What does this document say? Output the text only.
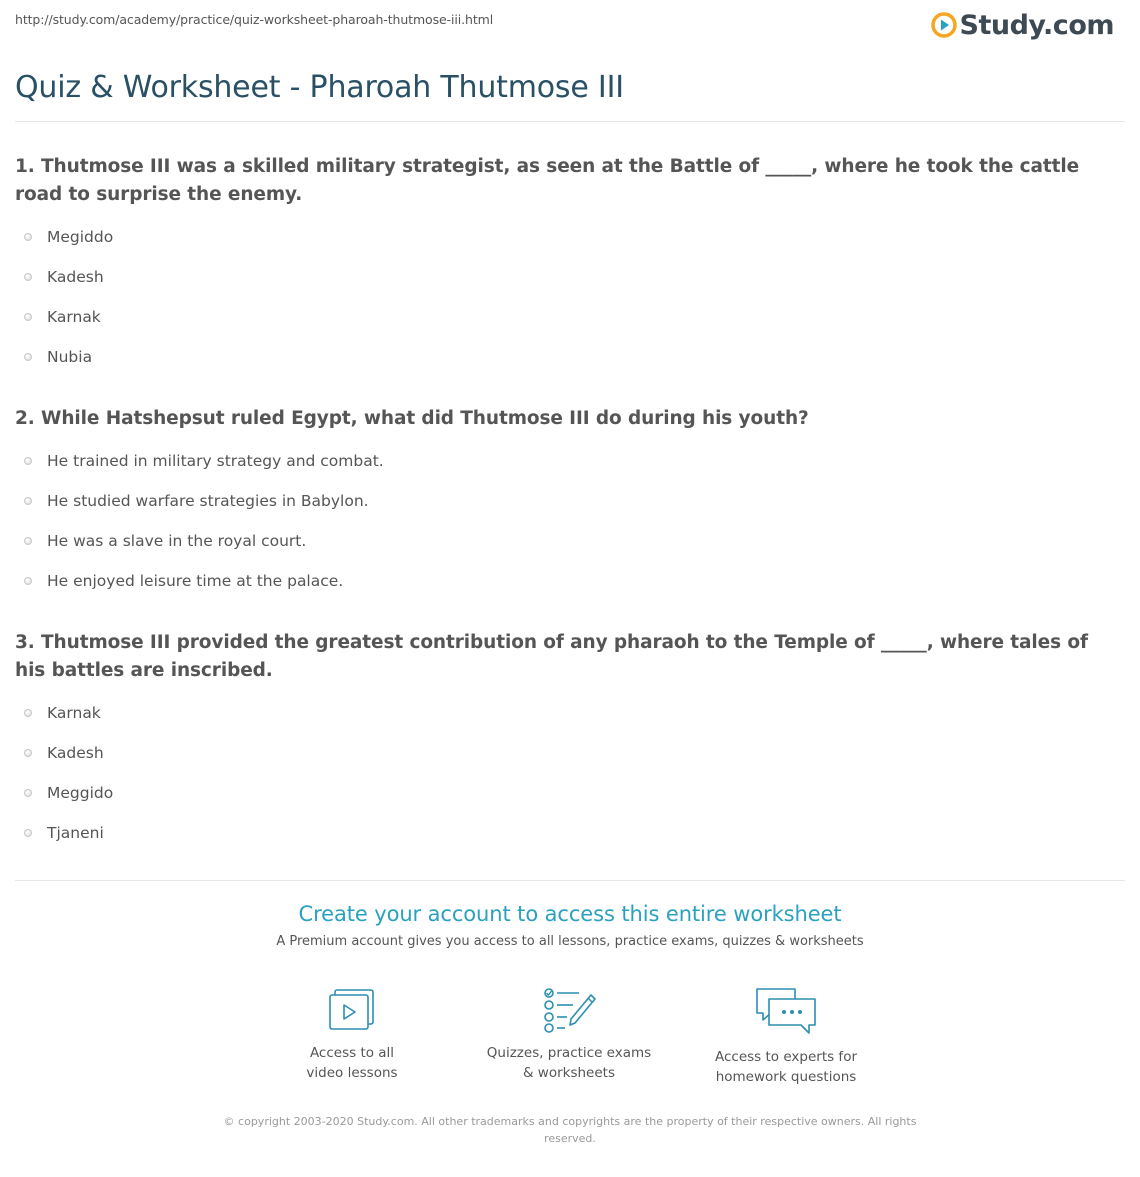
http://study.com/academy/practice/quiz-worksheet-pharoah-thutmose-iii.html	Study.com
Quiz & Worksheet - Pharoah Thutmose III
1. Thutmose III was a skilled military strategist, as seen at the Battle of _____, where he took the cattle road to surprise the enemy.
Megiddo
Kadesh
Karnak
Nubia
2. While Hatshepsut ruled Egypt, what did Thutmose III do during his youth?
He trained in military strategy and combat.
He studied warfare strategies in Babylon.
He was a slave in the royal court.
He enjoyed leisure time at the palace.
3. Thutmose III provided the greatest contribution of any pharaoh to the Temple of _____, where tales of his battles are inscribed.
Karnak
Kadesh
Meggido
Tjaneni
Create your account to access this entire worksheet
A Premium account gives you access to all lessons, practice exams, quizzes & worksheets
Access to all
video lessons
Quizzes, practice exams
& worksheets
Access to experts for
homework questions
© copyright 2003-2020 Study.com. All other trademarks and copyrights are the property of their respective owners. All rights reserved.
